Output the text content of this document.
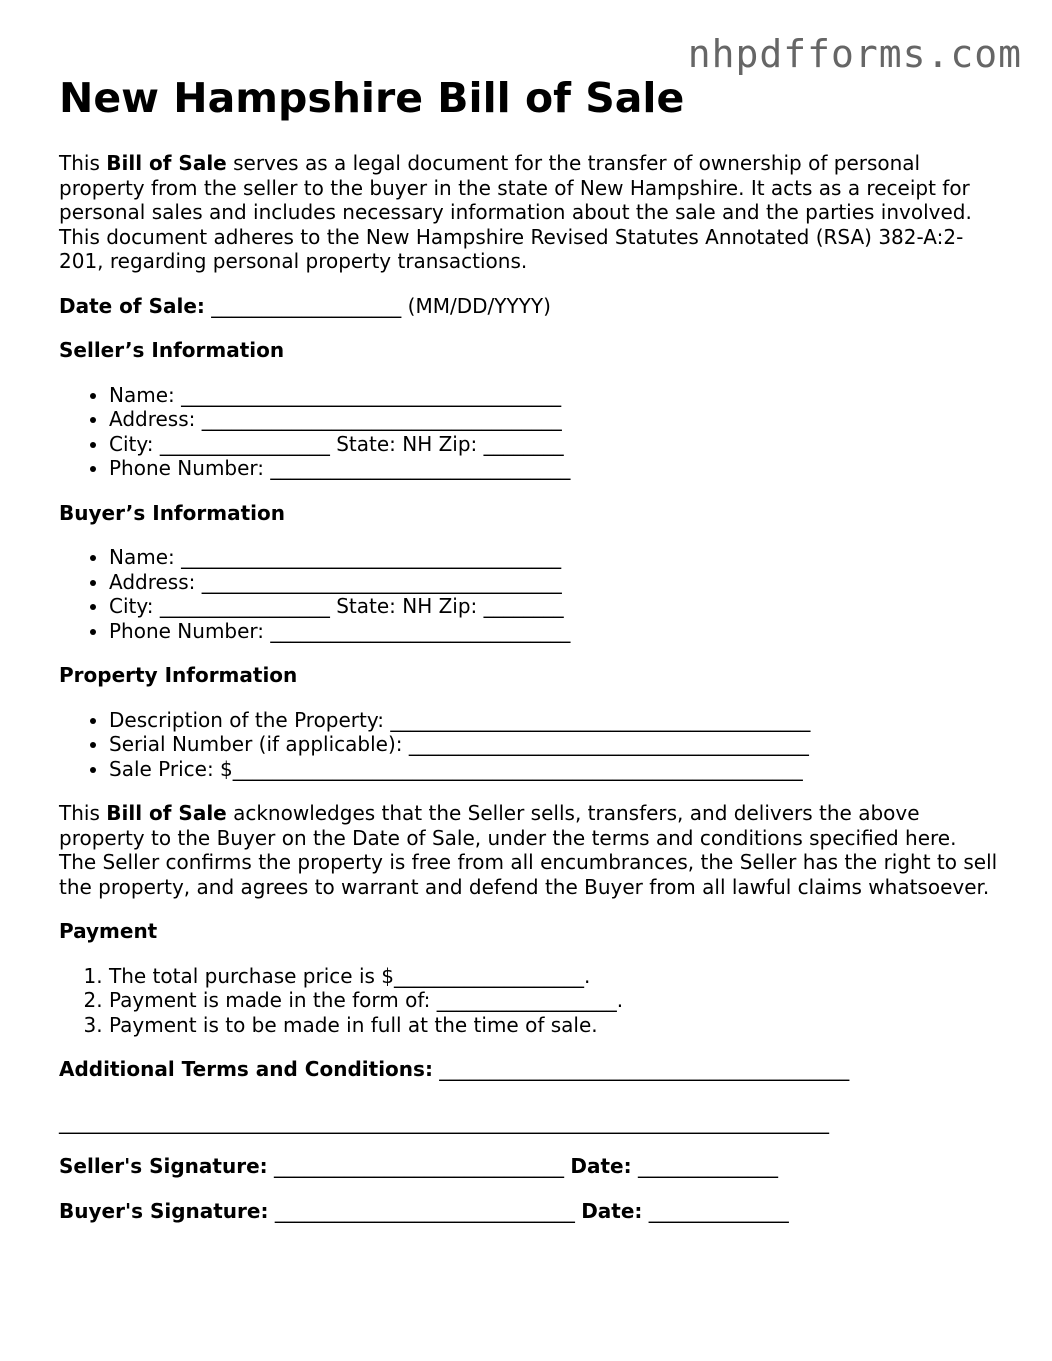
nhpdfforms.com
New Hampshire Bill of Sale

This Bill of Sale serves as a legal document for the transfer of ownership of personal property from the seller to the buyer in the state of New Hampshire. It acts as a receipt for personal sales and includes necessary information about the sale and the parties involved. This document adheres to the New Hampshire Revised Statutes Annotated (RSA) 382-A:2-201, regarding personal property transactions.

Date of Sale: ___________________ (MM/DD/YYYY)

Seller’s Information
• Name: ______________________________________
• Address: ____________________________________
• City: _________________ State: NH Zip: ________
• Phone Number: ______________________________
Buyer’s Information
• Name: ______________________________________
• Address: ____________________________________
• City: _________________ State: NH Zip: ________
• Phone Number: ______________________________
Property Information
• Description of the Property: __________________________________________
• Serial Number (if applicable): ________________________________________
• Sale Price: $_________________________________________________________

This Bill of Sale acknowledges that the Seller sells, transfers, and delivers the above property to the Buyer on the Date of Sale, under the terms and conditions specified here. The Seller confirms the property is free from all encumbrances, the Seller has the right to sell the property, and agrees to warrant and defend the Buyer from all lawful claims whatsoever.

Payment
1. The total purchase price is $___________________.
2. Payment is made in the form of: __________________.
3. Payment is to be made in full at the time of sale.

Additional Terms and Conditions: _________________________________________

_____________________________________________________________________________

Seller's Signature: _____________________________ Date: ______________

Buyer's Signature: ______________________________ Date: ______________
